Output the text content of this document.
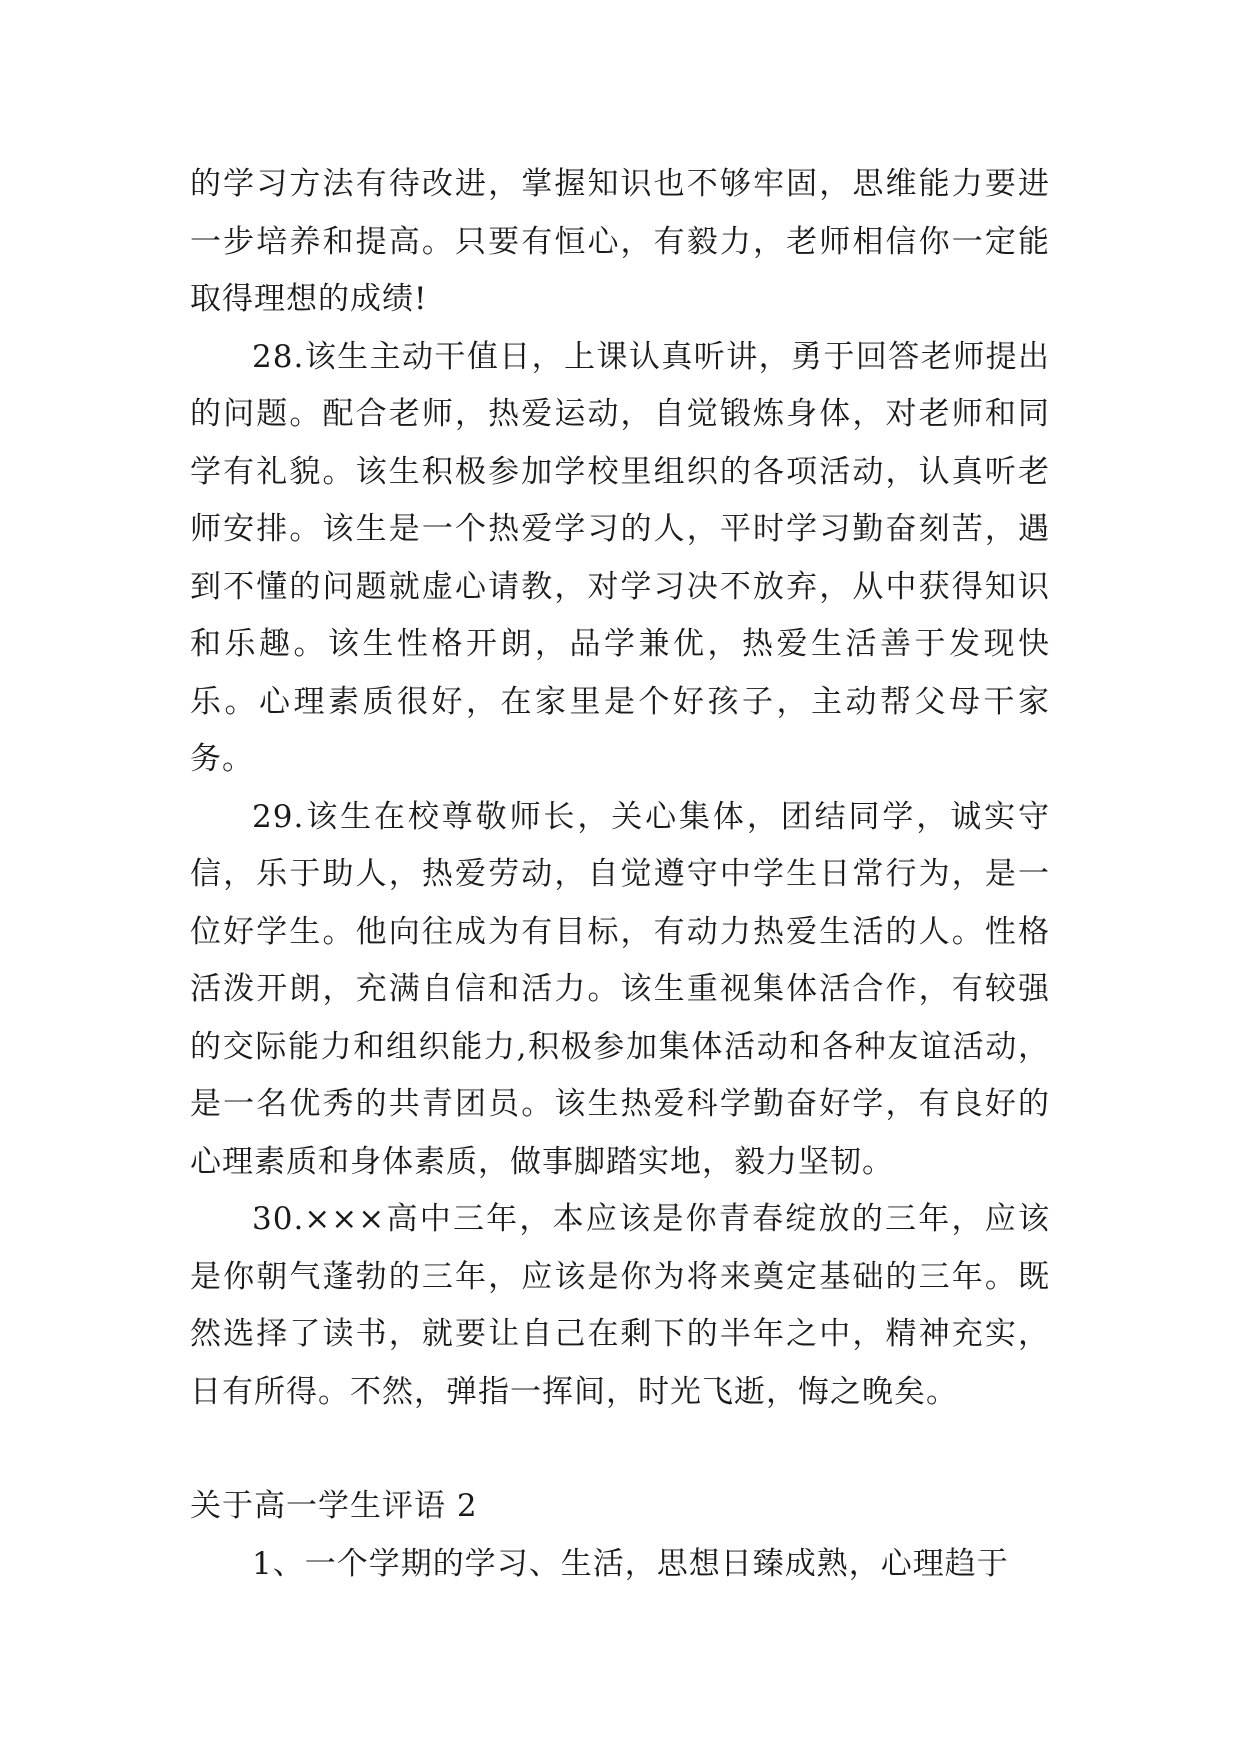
的学习方法有待改进，掌握知识也不够牢固，思维能力要进一步培养和提高。只要有恒心，有毅力，老师相信你一定能取得理想的成绩!

28.该生主动干值日，上课认真听讲，勇于回答老师提出的问题。配合老师，热爱运动，自觉锻炼身体，对老师和同学有礼貌。该生积极参加学校里组织的各项活动，认真听老师安排。该生是一个热爱学习的人，平时学习勤奋刻苦，遇到不懂的问题就虚心请教，对学习决不放弃，从中获得知识和乐趣。该生性格开朗，品学兼优，热爱生活善于发现快乐。心理素质很好，在家里是个好孩子，主动帮父母干家务。

29.该生在校尊敬师长，关心集体，团结同学，诚实守信，乐于助人，热爱劳动，自觉遵守中学生日常行为，是一位好学生。他向往成为有目标，有动力热爱生活的人。性格活泼开朗，充满自信和活力。该生重视集体活合作，有较强的交际能力和组织能力,积极参加集体活动和各种友谊活动，是一名优秀的共青团员。该生热爱科学勤奋好学，有良好的心理素质和身体素质，做事脚踏实地，毅力坚韧。

30.×××高中三年，本应该是你青春绽放的三年，应该是你朝气蓬勃的三年，应该是你为将来奠定基础的三年。既然选择了读书，就要让自己在剩下的半年之中，精神充实，日有所得。不然，弹指一挥间，时光飞逝，悔之晚矣。

关于高一学生评语 2

1、一个学期的学习、生活，思想日臻成熟，心理趋于
